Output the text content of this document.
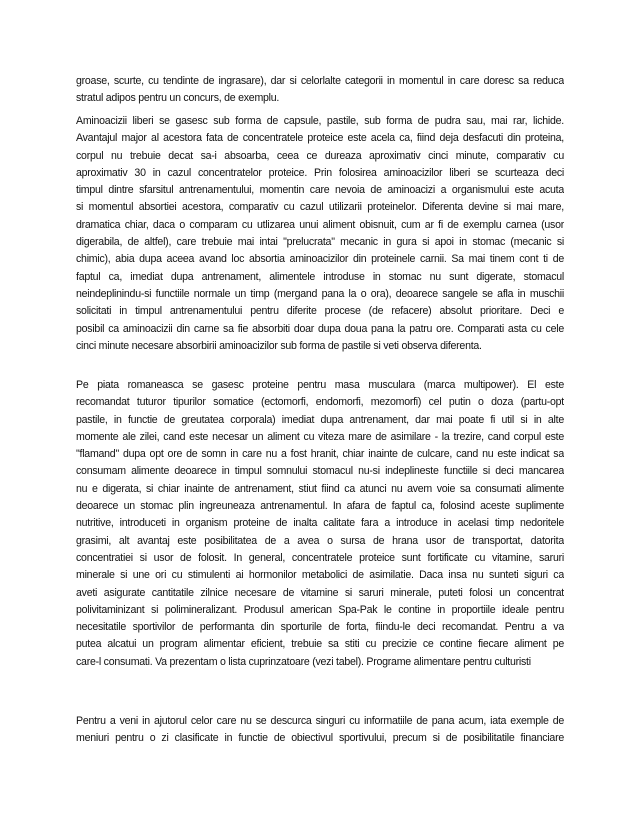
groase, scurte, cu tendinte de ingrasare), dar si celorlalte categorii in momentul in care doresc sa reduca
stratul adipos pentru un concurs, de exemplu.
Aminoacizii liberi se gasesc sub forma de capsule, pastile, sub forma de pudra sau, mai rar, lichide.
Avantajul major al acestora fata de concentratele proteice este acela ca, fiind deja desfacuti din proteina,
corpul nu trebuie decat sa-i absoarba, ceea ce dureaza aproximativ cinci minute, comparativ cu
aproximativ 30 in cazul concentratelor proteice. Prin folosirea aminoacizilor liberi se scurteaza deci
timpul dintre sfarsitul antrenamentului, momentin care nevoia de aminoacizi a organismului este acuta
si momentul absortiei acestora, comparativ cu cazul utilizarii proteinelor. Diferenta devine si mai mare,
dramatica chiar, daca o comparam cu utlizarea unui aliment obisnuit, cum ar fi de exemplu carnea (usor
digerabila, de altfel), care trebuie mai intai "prelucrata" mecanic in gura si apoi in stomac (mecanic si
chimic), abia dupa aceea avand loc absortia aminoacizilor din proteinele carnii. Sa mai tinem cont ti de
faptul ca, imediat dupa antrenament, alimentele introduse in stomac nu sunt digerate, stomacul
neindeplinindu-si functiile normale un timp (mergand pana la o ora), deoarece sangele se afla in muschii
solicitati in timpul antrenamentului pentru diferite procese (de refacere) absolut prioritare. Deci e
posibil ca aminoacizii din carne sa fie absorbiti doar dupa doua pana la patru ore. Comparati asta cu cele
cinci minute necesare absorbirii aminoacizilor sub forma de pastile si veti observa diferenta.
Pe piata romaneasca se gasesc proteine pentru masa musculara (marca multipower). El este
recomandat tuturor tipurilor somatice (ectomorfi, endomorfi, mezomorfi) cel putin o doza (partu-opt
pastile, in functie de greutatea corporala) imediat dupa antrenament, dar mai poate fi util si in alte
momente ale zilei, cand este necesar un aliment cu viteza mare de asimilare - la trezire, cand corpul este
"flamand" dupa opt ore de somn in care nu a fost hranit, chiar inainte de culcare, cand nu este indicat sa
consumam alimente deoarece in timpul somnului stomacul nu-si indeplineste functiile si deci mancarea
nu e digerata, si chiar inainte de antrenament, stiut fiind ca atunci nu avem voie sa consumati alimente
deoarece un stomac plin ingreuneaza antrenamentul. In afara de faptul ca, folosind aceste suplimente
nutritive, introduceti in organism proteine de inalta calitate fara a introduce in acelasi timp nedoritele
grasimi, alt avantaj este posibilitatea de a avea o sursa de hrana usor de transportat, datorita
concentratiei si usor de folosit. In general, concentratele proteice sunt fortificate cu vitamine, saruri
minerale si une ori cu stimulenti ai hormonilor metabolici de asimilatie. Daca insa nu sunteti siguri ca
aveti asigurate cantitatile zilnice necesare de vitamine si saruri minerale, puteti folosi un concentrat
polivitaminizant si polimineralizant. Produsul american Spa-Pak le contine in proportiile ideale pentru
necesitatile sportivilor de performanta din sporturile de forta, fiindu-le deci recomandat. Pentru a va
putea alcatui un program alimentar eficient, trebuie sa stiti cu precizie ce contine fiecare aliment pe
care-l consumati. Va prezentam o lista cuprinzatoare (vezi tabel). Programe alimentare pentru culturisti
Pentru a veni in ajutorul celor care nu se descurca singuri cu informatiile de pana acum, iata exemple de
meniuri pentru o zi clasificate in functie de obiectivul sportivului, precum si de posibilitatile financiare
